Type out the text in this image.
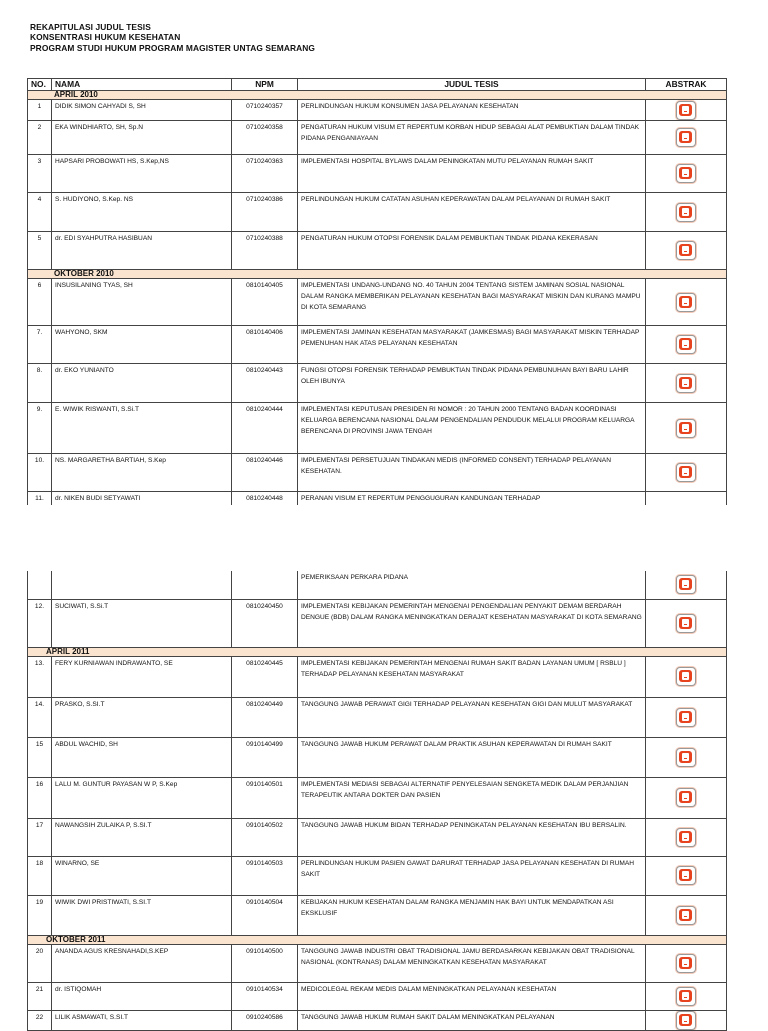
REKAPITULASI JUDUL TESIS
KONSENTRASI HUKUM KESEHATAN
PROGRAM STUDI HUKUM PROGRAM MAGISTER UNTAG SEMARANG
NO.	NAMA	NPM	JUDUL TESIS	ABSTRAK
APRIL 2010				
1	DIDIK SIMON CAHYADI S, SH	0710240357	PERLINDUNGAN HUKUM KONSUMEN JASA PELAYANAN KESEHATAN	

2	EKA WINDHIARTO, SH, Sp.N	0710240358	PENGATURAN HUKUM VISUM ET REPERTUM KORBAN HIDUP SEBAGAI ALAT PEMBUKTIAN DALAM TINDAK PIDANA PENGANIAYAAN	

3	HAPSARI PROBOWATI HS, S.Kep,NS	0710240363	IMPLEMENTASI HOSPITAL BYLAWS DALAM PENINGKATAN MUTU PELAYANAN RUMAH SAKIT	

4	S. HUDIYONO, S.Kep. NS	0710240386	PERLINDUNGAN HUKUM CATATAN ASUHAN KEPERAWATAN DALAM PELAYANAN DI RUMAH SAKIT	

5	dr. EDI SYAHPUTRA HASIBUAN	0710240388	PENGATURAN HUKUM OTOPSI FORENSIK DALAM PEMBUKTIAN TINDAK PIDANA KEKERASAN	

OKTOBER 2010				
6	INSUSILANING TYAS, SH	0810140405	IMPLEMENTASI UNDANG-UNDANG NO. 40 TAHUN 2004 TENTANG SISTEM JAMINAN SOSIAL NASIONAL DALAM RANGKA MEMBERIKAN PELAYANAN KESEHATAN BAGI MASYARAKAT MISKIN DAN KURANG MAMPU DI KOTA SEMARANG	

7.	WAHYONO, SKM	0810140406	IMPLEMENTASI JAMINAN KESEHATAN MASYARAKAT (JAMKESMAS) BAGI MASYARAKAT MISKIN TERHADAP PEMENUHAN HAK ATAS PELAYANAN KESEHATAN	

8.	dr. EKO YUNIANTO	0810240443	FUNGSI OTOPSI FORENSIK TERHADAP PEMBUKTIAN TINDAK PIDANA PEMBUNUHAN BAYI BARU LAHIR OLEH IBUNYA	

9.	E. WIWIK RISWANTI, S.Si.T	0810240444	IMPLEMENTASI KEPUTUSAN PRESIDEN RI NOMOR : 20 TAHUN 2000 TENTANG BADAN KOORDINASI KELUARGA BERENCANA NASIONAL DALAM PENGENDALIAN PENDUDUK MELALUI PROGRAM KELUARGA BERENCANA DI PROVINSI JAWA TENGAH	

10.	NS. MARGARETHA BARTIAH, S.Kep	0810240446	IMPLEMENTASI PERSETUJUAN TINDAKAN MEDIS (INFORMED CONSENT) TERHADAP PELAYANAN KESEHATAN.	

11.	dr. NIKEN BUDI SETYAWATI	0810240448	PERANAN VISUM ET REPERTUM PENGGUGURAN KANDUNGAN TERHADAP	
			PEMERIKSAAN PERKARA PIDANA	

12.	SUCIWATI, S.Si.T	0810240450	IMPLEMENTASI KEBIJAKAN PEMERINTAH MENGENAI PENGENDALIAN PENYAKIT DEMAM BERDARAH DENGUE (BDB) DALAM RANGKA MENINGKATKAN DERAJAT KESEHATAN MASYARAKAT DI KOTA SEMARANG	

APRIL 2011				
13.	FERY KURNIAWAN INDRAWANTO, SE	0810240445	IMPLEMENTASI KEBIJAKAN PEMERINTAH MENGENAI RUMAH SAKIT BADAN LAYANAN UMUM [ RSBLU ] TERHADAP PELAYANAN KESEHATAN MASYARAKAT	

14.	PRASKO, S.SI.T	0810240449	TANGGUNG JAWAB PERAWAT GIGI TERHADAP PELAYANAN KESEHATAN GIGI DAN MULUT MASYARAKAT	

15	ABDUL WACHID, SH	0910140499	TANGGUNG JAWAB HUKUM PERAWAT DALAM PRAKTIK ASUHAN KEPERAWATAN DI RUMAH SAKIT	

16	LALU M. GUNTUR PAYASAN W P, S.Kep	0910140501	IMPLEMENTASI MEDIASI SEBAGAI ALTERNATIF PENYELESAIAN SENGKETA MEDIK DALAM PERJANJIAN TERAPEUTIK ANTARA DOKTER DAN PASIEN	

17	NAWANGSIH ZULAIKA P, S.SI.T	0910140502	TANGGUNG JAWAB HUKUM BIDAN TERHADAP PENINGKATAN PELAYANAN KESEHATAN IBU BERSALIN.	

18	WINARNO, SE	0910140503	PERLINDUNGAN HUKUM PASIEN GAWAT DARURAT TERHADAP JASA PELAYANAN KESEHATAN DI RUMAH SAKIT	

19	WIWIK DWI PRISTIWATI, S.SI.T	0910140504	KEBIJAKAN HUKUM KESEHATAN DALAM RANGKA MENJAMIN HAK BAYI UNTUK MENDAPATKAN ASI EKSKLUSIF	

OKTOBER 2011				
20	ANANDA AGUS KRESNAHADI,S.KEP	0910140500	TANGGUNG JAWAB INDUSTRI OBAT TRADISIONAL JAMU BERDASARKAN KEBIJAKAN OBAT TRADISIONAL NASIONAL (KONTRANAS) DALAM MENINGKATKAN KESEHATAN MASYARAKAT	

21	dr. ISTIQOMAH	0910140534	MEDICOLEGAL REKAM MEDIS DALAM MENINGKATKAN PELAYANAN KESEHATAN	

22	LILIK ASMAWATI, S.SI.T	0910240586	TANGGUNG JAWAB HUKUM RUMAH SAKIT DALAM MENINGKATKAN PELAYANAN	
